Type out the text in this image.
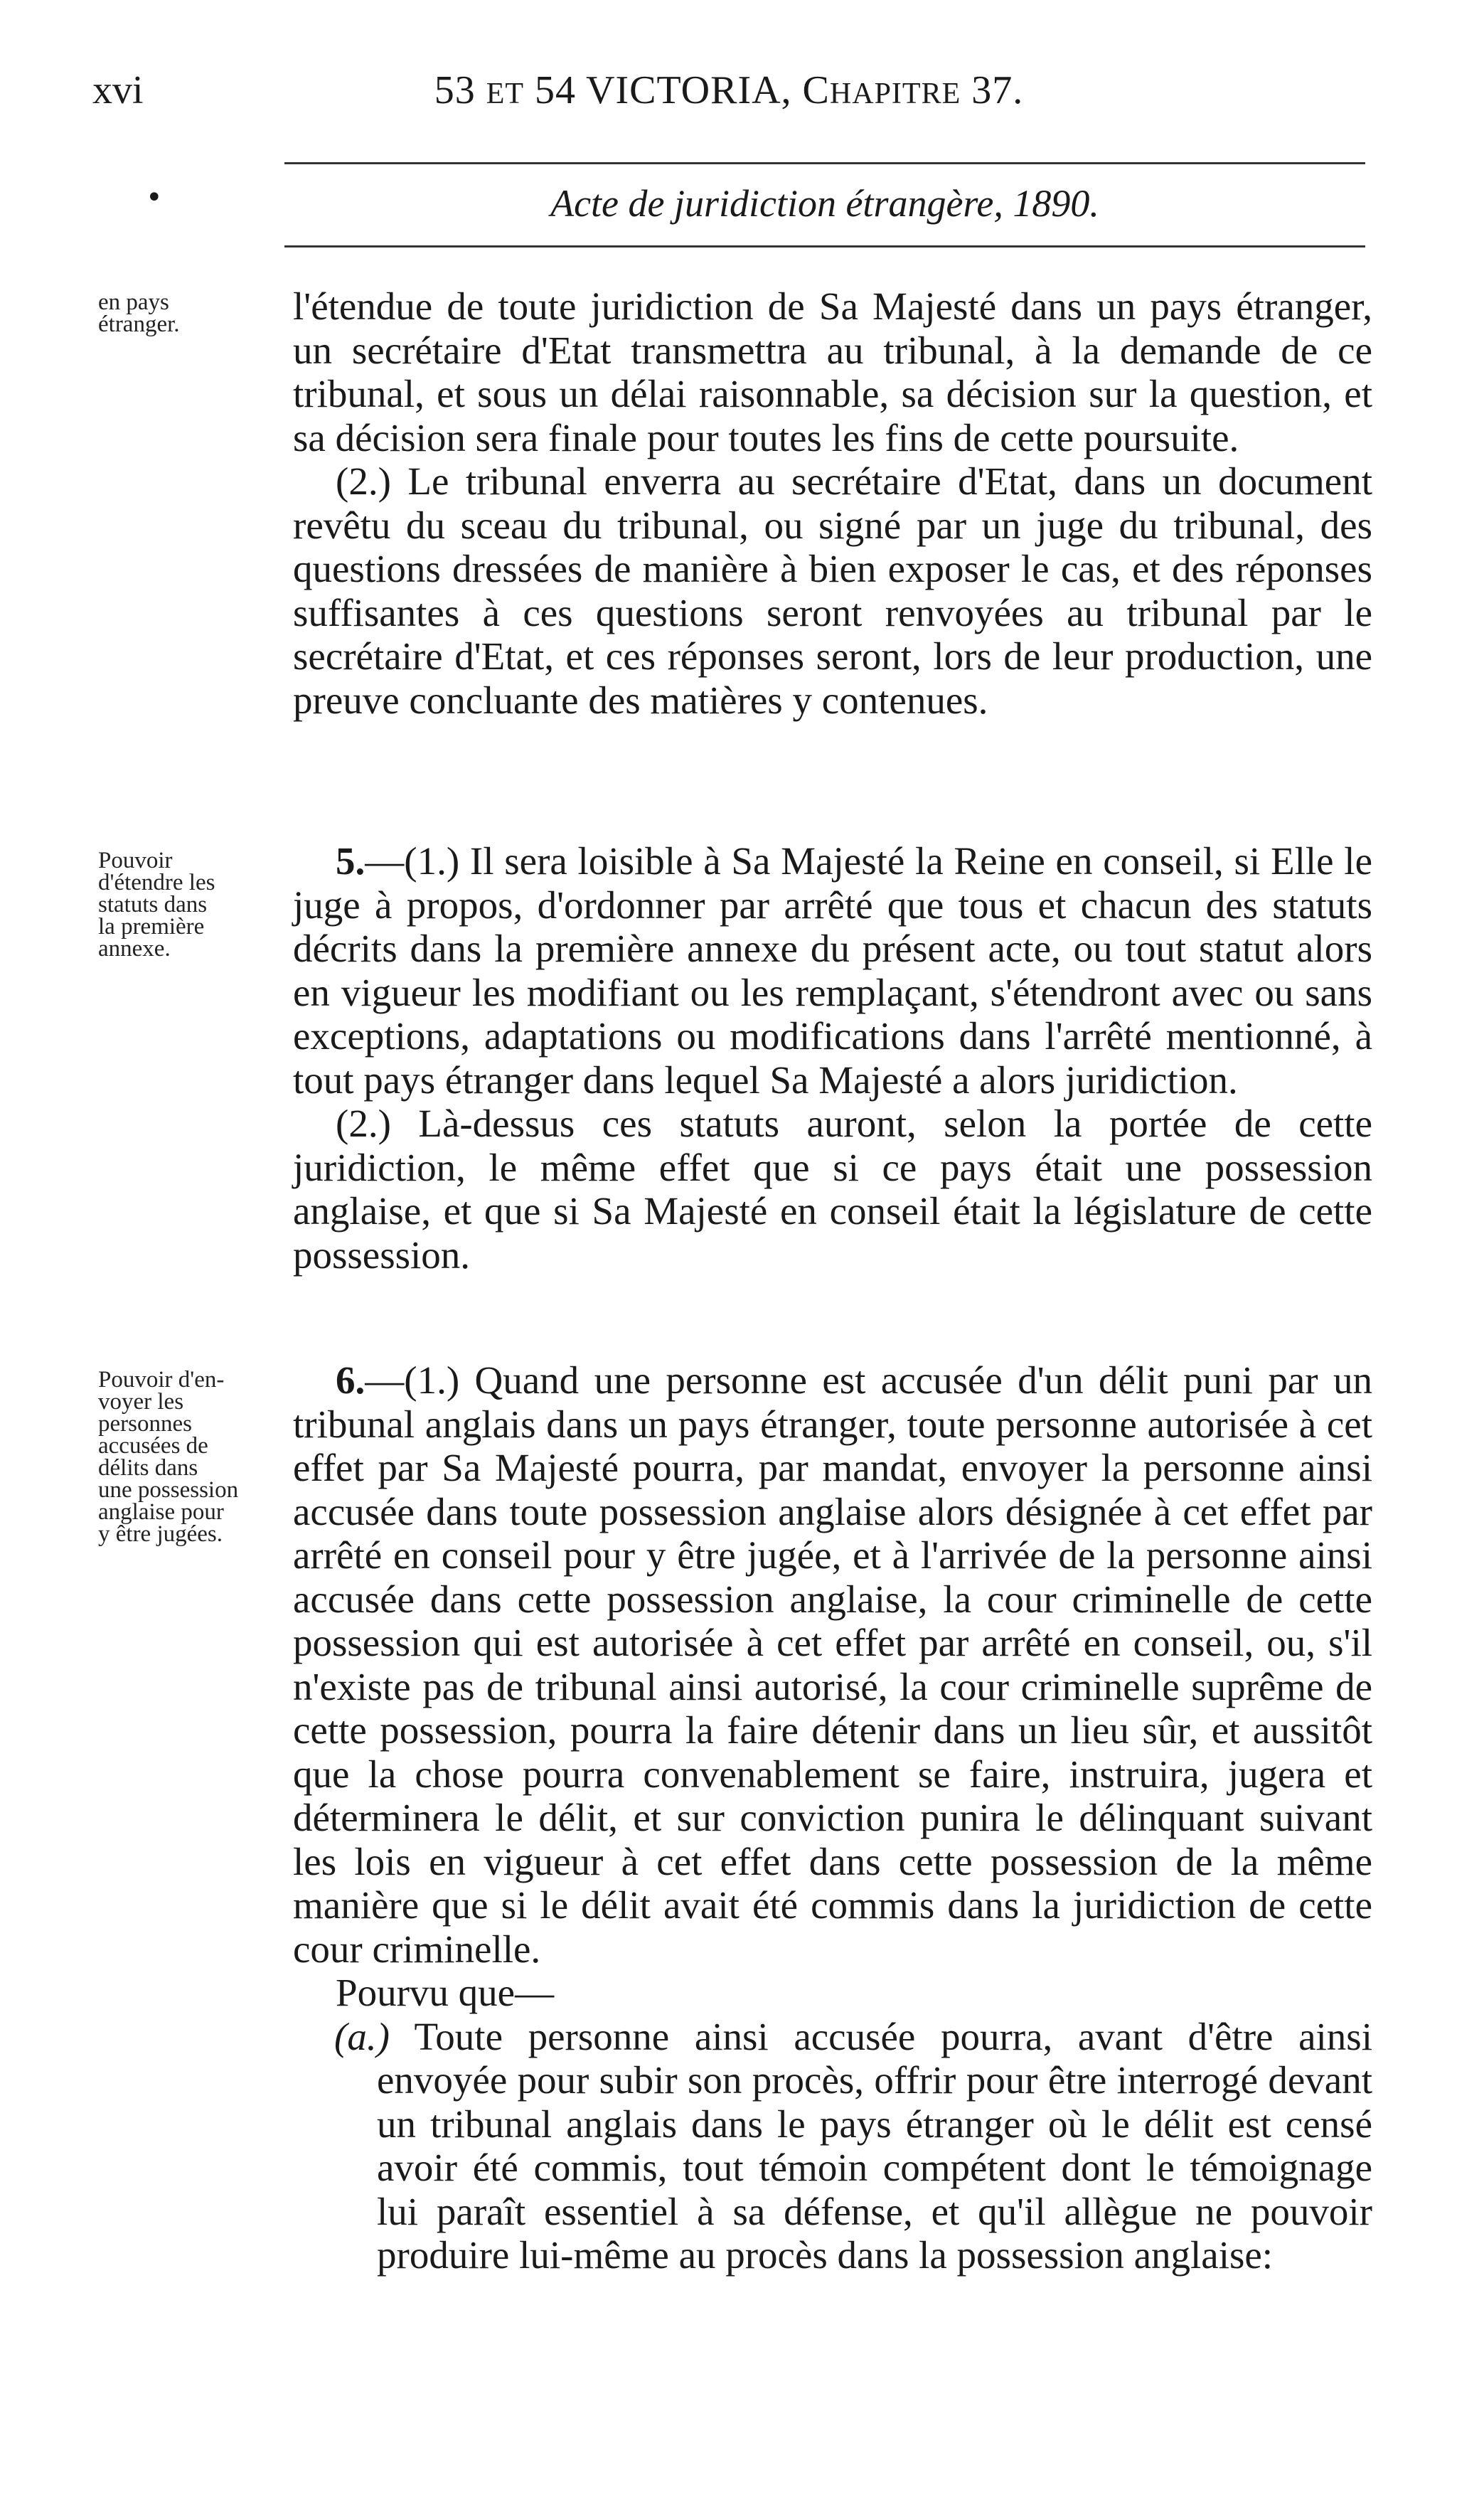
xvi	53 ET 54 VICTORIA, CHAPITRE 37.
•	Acte de juridiction étrangère, 1890.
en pays
étranger.
Pouvoir
d'étendre les
statuts dans
la première
annexe.
Pouvoir d'en-
voyer les
personnes
accusées de
délits dans
une possession
anglaise pour
y être jugées.

l'étendue de toute juridiction de Sa Majesté dans un pays étranger, un secrétaire d'Etat transmettra au tribunal, à la demande de ce tribunal, et sous un délai raisonnable, sa décision sur la question, et sa décision sera finale pour toutes les fins de cette poursuite.

(2.) Le tribunal enverra au secrétaire d'Etat, dans un document revêtu du sceau du tribunal, ou signé par un juge du tribunal, des questions dressées de manière à bien exposer le cas, et des réponses suffisantes à ces questions seront renvoyées au tribunal par le secrétaire d'Etat, et ces réponses seront, lors de leur production, une preuve concluante des matières y contenues.

5.—(1.) Il sera loisible à Sa Majesté la Reine en conseil, si Elle le juge à propos, d'ordonner par arrêté que tous et chacun des statuts décrits dans la première annexe du présent acte, ou tout statut alors en vigueur les modifiant ou les remplaçant, s'étendront avec ou sans exceptions, adaptations ou modifications dans l'arrêté mentionné, à tout pays étranger dans lequel Sa Majesté a alors juridiction.

(2.) Là-dessus ces statuts auront, selon la portée de cette juridiction, le même effet que si ce pays était une possession anglaise, et que si Sa Majesté en conseil était la législature de cette possession.

6.—(1.) Quand une personne est accusée d'un délit puni par un tribunal anglais dans un pays étranger, toute personne autorisée à cet effet par Sa Majesté pourra, par mandat, envoyer la personne ainsi accusée dans toute possession anglaise alors désignée à cet effet par arrêté en conseil pour y être jugée, et à l'arrivée de la personne ainsi accusée dans cette possession anglaise, la cour criminelle de cette possession qui est autorisée à cet effet par arrêté en conseil, ou, s'il n'existe pas de tribunal ainsi autorisé, la cour criminelle suprême de cette possession, pourra la faire détenir dans un lieu sûr, et aussitôt que la chose pourra convenablement se faire, instruira, jugera et déterminera le délit, et sur conviction punira le délinquant suivant les lois en vigueur à cet effet dans cette possession de la même manière que si le délit avait été commis dans la juridiction de cette cour criminelle.

Pourvu que—

(a.) Toute personne ainsi accusée pourra, avant d'être ainsi envoyée pour subir son procès, offrir pour être interrogé devant un tribunal anglais dans le pays étranger où le délit est censé avoir été commis, tout témoin compétent dont le témoignage lui paraît essentiel à sa défense, et qu'il allègue ne pouvoir produire lui-même au procès dans la possession anglaise:
